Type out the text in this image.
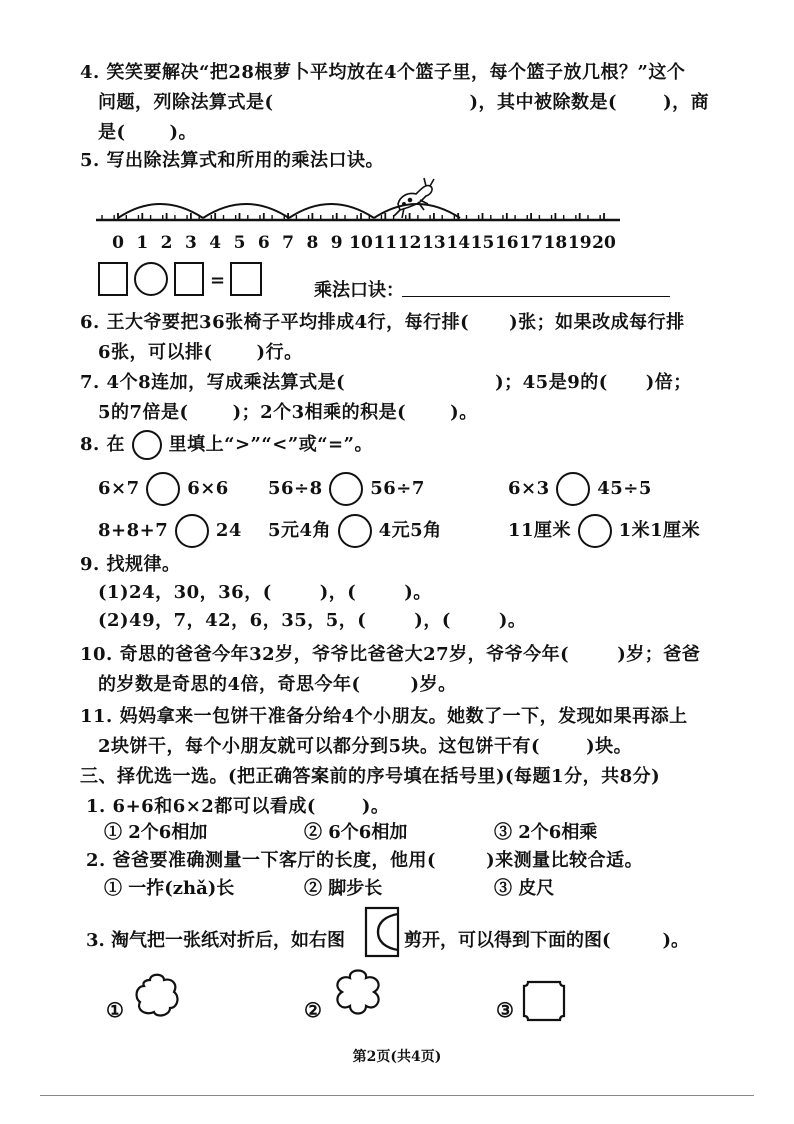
4. 笑笑要解决“把28根萝卜平均放在4个篮子里，每个篮子放几根？”这个
问题，列除法算式是(	)，其中被除数是(	)，商
是( )。
5. 写出除法算式和所用的乘法口诀。
0 1 2 3 4 5 6 7 8 9 10 11 12 13 14 15 16 17 18 19 20
=	乘法口诀：
6. 王大爷要把36张椅子平均排成4行，每行排( )张；如果改成每行排
6张，可以排( )行。
7. 4个8连加，写成乘法算式是(	)；45是9的( )倍；
5的7倍是( )；2个3相乘的积是( )。
8. 在 里填上“>”“<”或“=”。
6×7	6×6 56÷8	56÷7	6×3	45÷5
8+8+7	24 5元4角	4元5角	11厘米	1米1厘米
9. 找规律。
(1)24，30，36，(	)，(	)。
(2)49，7，42，6，35，5，(	)，(	)。
10. 奇思的爸爸今年32岁，爷爷比爸爸大27岁，爷爷今年(	)岁；爸爸
的岁数是奇思的4倍，奇思今年(	)岁。
11. 妈妈拿来一包饼干准备分给4个小朋友。她数了一下，发现如果再添上
2块饼干，每个小朋友就可以都分到5块。这包饼干有(	)块。
三、择优选一选。(把正确答案前的序号填在括号里)(每题1分，共8分)
1. 6+6和6×2都可以看成(	)。
① 2个6相加	② 6个6相加	③ 2个6相乘
2. 爸爸要准确测量一下客厅的长度，他用(	)来测量比较合适。
① 一拃(zhǎ)长	② 脚步长	③ 皮尺
3. 淘气把一张纸对折后，如右图	剪开，可以得到下面的图(	)。
①	②	③
第2页(共4页)
